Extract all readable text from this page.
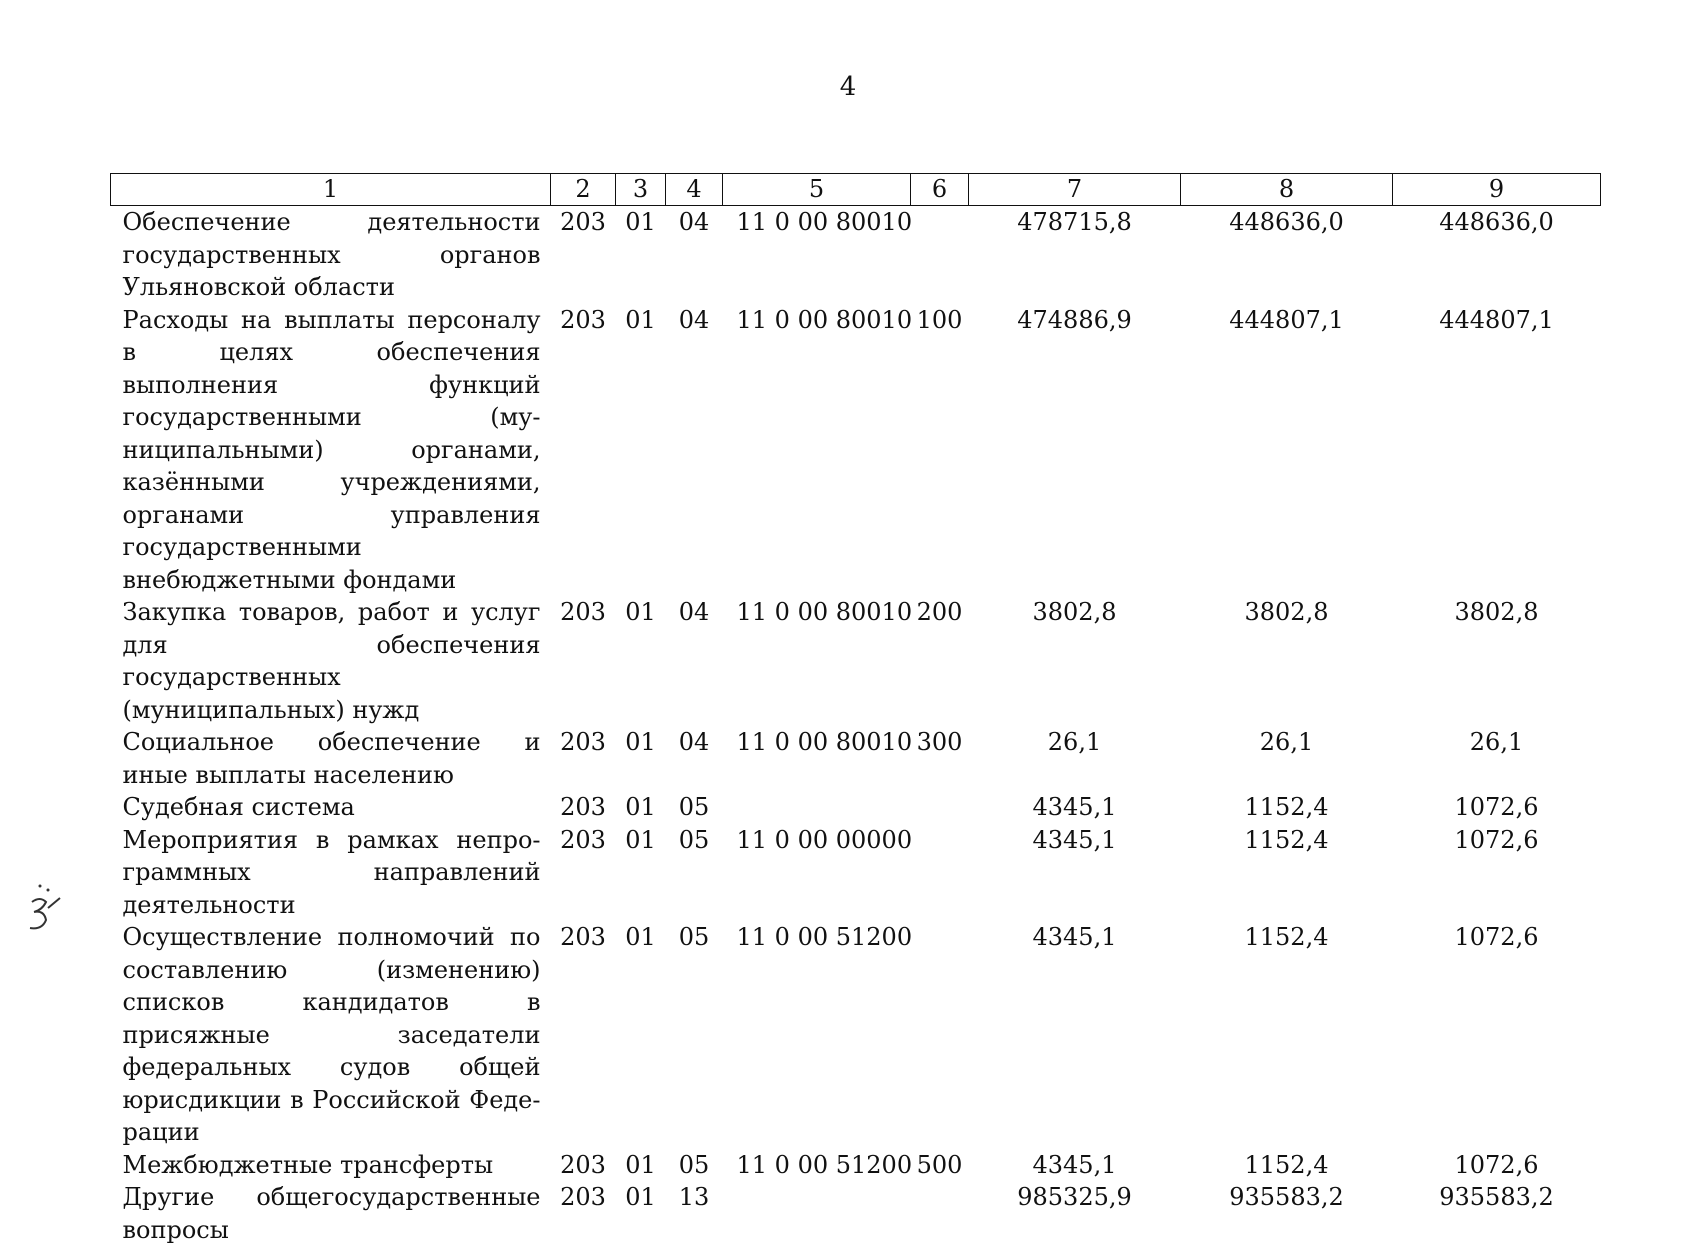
4
1	2	3	4	5	6	7	8	9
Обеспечение деятельности государственных органов Ульяновской области	203	01	04	11 0 00 80010		478715,8	448636,0	448636,0
Расходы на выплаты персоналу в целях обеспечения выполнения функций государственными (муниципальными) органами, казёнными учреждениями, органами управления государственными внебюджетными фондами	203	01	04	11 0 00 80010	100	474886,9	444807,1	444807,1
Закупка товаров, работ и услуг для обеспечения государственных (муниципальных) нужд	203	01	04	11 0 00 80010	200	3802,8	3802,8	3802,8
Социальное обеспечение и иные выплаты населению	203	01	04	11 0 00 80010	300	26,1	26,1	26,1
Судебная система	203	01	05			4345,1	1152,4	1072,6
Мероприятия в рамках непрограммных направлений деятельности	203	01	05	11 0 00 00000		4345,1	1152,4	1072,6
Осуществление полномочий по составлению (изменению) списков кандидатов в присяжные заседатели федеральных судов общей юрисдикции в Российской Федерации	203	01	05	11 0 00 51200		4345,1	1152,4	1072,6
Межбюджетные трансферты	203	01	05	11 0 00 51200	500	4345,1	1152,4	1072,6
Другие общегосударственные вопросы	203	01	13			985325,9	935583,2	935583,2
